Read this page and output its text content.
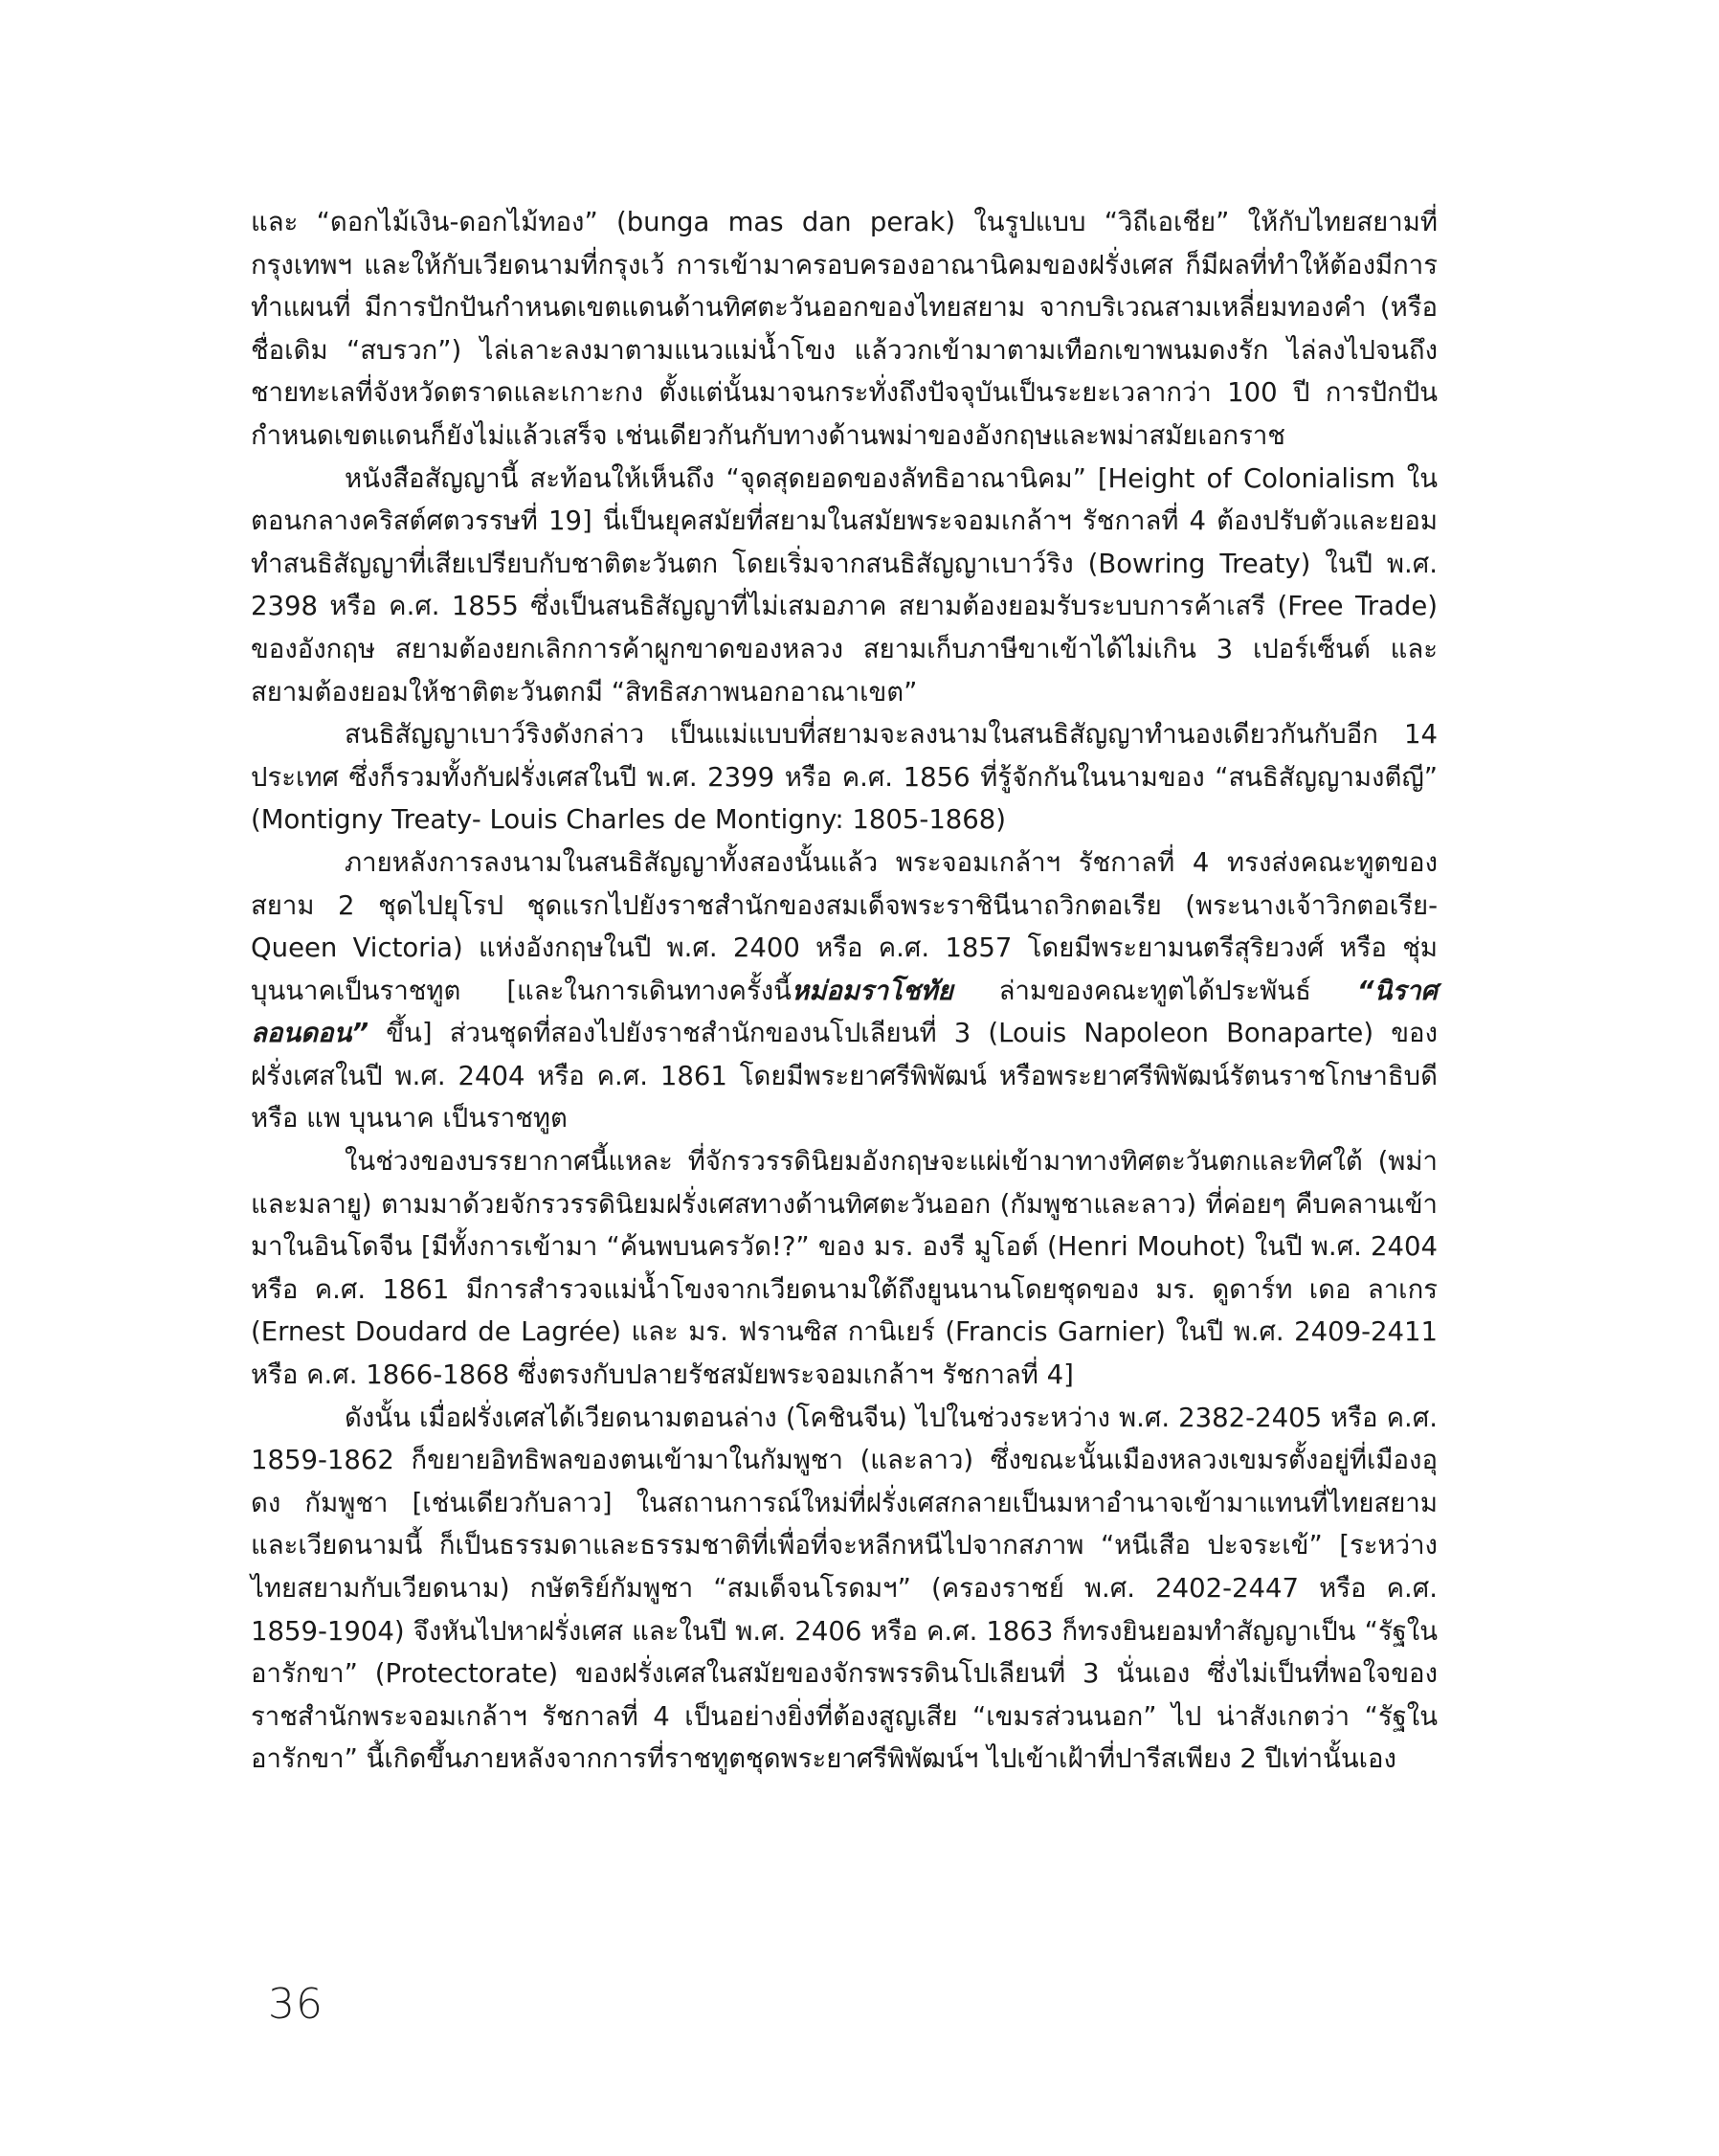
และ “ดอกไม้เงิน-ดอกไม้ทอง” (bunga mas dan perak) ในรูปแบบ “วิถีเอเชีย” ให้กับไทยสยามที่กรุงเทพฯ และให้กับเวียดนามที่กรุงเว้ การเข้ามาครอบครองอาณานิคมของฝรั่งเศส ก็มีผลที่ทำให้ต้องมีการทำแผนที่ มีการปักปันกำหนดเขตแดนด้านทิศตะวันออกของไทยสยาม จากบริเวณสามเหลี่ยมทองคำ (หรือชื่อเดิม “สบรวก”) ไล่เลาะลงมาตามแนวแม่น้ำโขง แล้ววกเข้ามาตามเทือกเขาพนมดงรัก ไล่ลงไปจนถึงชายทะเลที่จังหวัดตราดและเกาะกง ตั้งแต่นั้นมาจนกระทั่งถึงปัจจุบันเป็นระยะเวลากว่า 100 ปี การปักปันกำหนดเขตแดนก็ยังไม่แล้วเสร็จ เช่นเดียวกันกับทางด้านพม่าของอังกฤษและพม่าสมัยเอกราช

หนังสือสัญญานี้ สะท้อนให้เห็นถึง “จุดสุดยอดของลัทธิอาณานิคม” [Height of Colonialism ในตอนกลางคริสต์ศตวรรษที่ 19] นี่เป็นยุคสมัยที่สยามในสมัยพระจอมเกล้าฯ รัชกาลที่ 4 ต้องปรับตัวและยอมทำสนธิสัญญาที่เสียเปรียบกับชาติตะวันตก โดยเริ่มจากสนธิสัญญาเบาว์ริง (Bowring Treaty) ในปี พ.ศ. 2398 หรือ ค.ศ. 1855 ซึ่งเป็นสนธิสัญญาที่ไม่เสมอภาค สยามต้องยอมรับระบบการค้าเสรี (Free Trade) ของอังกฤษ สยามต้องยกเลิกการค้าผูกขาดของหลวง สยามเก็บภาษีขาเข้าได้ไม่เกิน 3 เปอร์เซ็นต์ และสยามต้องยอมให้ชาติตะวันตกมี “สิทธิสภาพนอกอาณาเขต”

สนธิสัญญาเบาว์ริงดังกล่าว เป็นแม่แบบที่สยามจะลงนามในสนธิสัญญาทำนองเดียวกันกับอีก 14 ประเทศ ซึ่งก็รวมทั้งกับฝรั่งเศสในปี พ.ศ. 2399 หรือ ค.ศ. 1856 ที่รู้จักกันในนามของ “สนธิสัญญามงตีญี” (Montigny Treaty- Louis Charles de Montigny: 1805-1868)

ภายหลังการลงนามในสนธิสัญญาทั้งสองนั้นแล้ว พระจอมเกล้าฯ รัชกาลที่ 4 ทรงส่งคณะทูตของสยาม 2 ชุดไปยุโรป ชุดแรกไปยังราชสำนักของสมเด็จพระราชินีนาถวิกตอเรีย (พระนางเจ้าวิกตอเรีย- Queen Victoria) แห่งอังกฤษในปี พ.ศ. 2400 หรือ ค.ศ. 1857 โดยมีพระยามนตรีสุริยวงศ์ หรือ ชุ่ม บุนนาคเป็นราชทูต [และในการเดินทางครั้งนี้หม่อมราโชทัย ล่ามของคณะทูตได้ประพันธ์ “นิราศลอนดอน” ขึ้น] ส่วนชุดที่สองไปยังราชสำนักของนโปเลียนที่ 3 (Louis Napoleon Bonaparte) ของฝรั่งเศสในปี พ.ศ. 2404 หรือ ค.ศ. 1861 โดยมีพระยาศรีพิพัฒน์ หรือพระยาศรีพิพัฒน์รัตนราชโกษาธิบดี หรือ แพ บุนนาค เป็นราชทูต

ในช่วงของบรรยากาศนี้แหละ ที่จักรวรรดินิยมอังกฤษจะแผ่เข้ามาทางทิศตะวันตกและทิศใต้ (พม่าและมลายู) ตามมาด้วยจักรวรรดินิยมฝรั่งเศสทางด้านทิศตะวันออก (กัมพูชาและลาว) ที่ค่อยๆ คืบคลานเข้ามาในอินโดจีน [มีทั้งการเข้ามา “ค้นพบนครวัด!?” ของ มร. องรี มูโอต์ (Henri Mouhot) ในปี พ.ศ. 2404 หรือ ค.ศ. 1861 มีการสำรวจแม่น้ำโขงจากเวียดนามใต้ถึงยูนนานโดยชุดของ มร. ดูดาร์ท เดอ ลาเกร (Ernest Doudard de Lagrée) และ มร. ฟรานซิส กานิเยร์ (Francis Garnier) ในปี พ.ศ. 2409-2411 หรือ ค.ศ. 1866-1868 ซึ่งตรงกับปลายรัชสมัยพระจอมเกล้าฯ รัชกาลที่ 4]

ดังนั้น เมื่อฝรั่งเศสได้เวียดนามตอนล่าง (โคชินจีน) ไปในช่วงระหว่าง พ.ศ. 2382-2405 หรือ ค.ศ. 1859-1862 ก็ขยายอิทธิพลของตนเข้ามาในกัมพูชา (และลาว) ซึ่งขณะนั้นเมืองหลวงเขมรตั้งอยู่ที่เมืองอุดง กัมพูชา [เช่นเดียวกับลาว] ในสถานการณ์ใหม่ที่ฝรั่งเศสกลายเป็นมหาอำนาจเข้ามาแทนที่ไทยสยามและเวียดนามนี้ ก็เป็นธรรมดาและธรรมชาติที่เพื่อที่จะหลีกหนีไปจากสภาพ “หนีเสือ ปะจระเข้” [ระหว่างไทยสยามกับเวียดนาม) กษัตริย์กัมพูชา “สมเด็จนโรดมฯ” (ครองราชย์ พ.ศ. 2402-2447 หรือ ค.ศ. 1859-1904) จึงหันไปหาฝรั่งเศส และในปี พ.ศ. 2406 หรือ ค.ศ. 1863 ก็ทรงยินยอมทำสัญญาเป็น “รัฐในอารักขา” (Protectorate) ของฝรั่งเศสในสมัยของจักรพรรดินโปเลียนที่ 3 นั่นเอง ซึ่งไม่เป็นที่พอใจของราชสำนักพระจอมเกล้าฯ รัชกาลที่ 4 เป็นอย่างยิ่งที่ต้องสูญเสีย “เขมรส่วนนอก” ไป น่าสังเกตว่า “รัฐในอารักขา” นี้เกิดขึ้นภายหลังจากการที่ราชทูตชุดพระยาศรีพิพัฒน์ฯ ไปเข้าเฝ้าที่ปารีสเพียง 2 ปีเท่านั้นเอง

36
